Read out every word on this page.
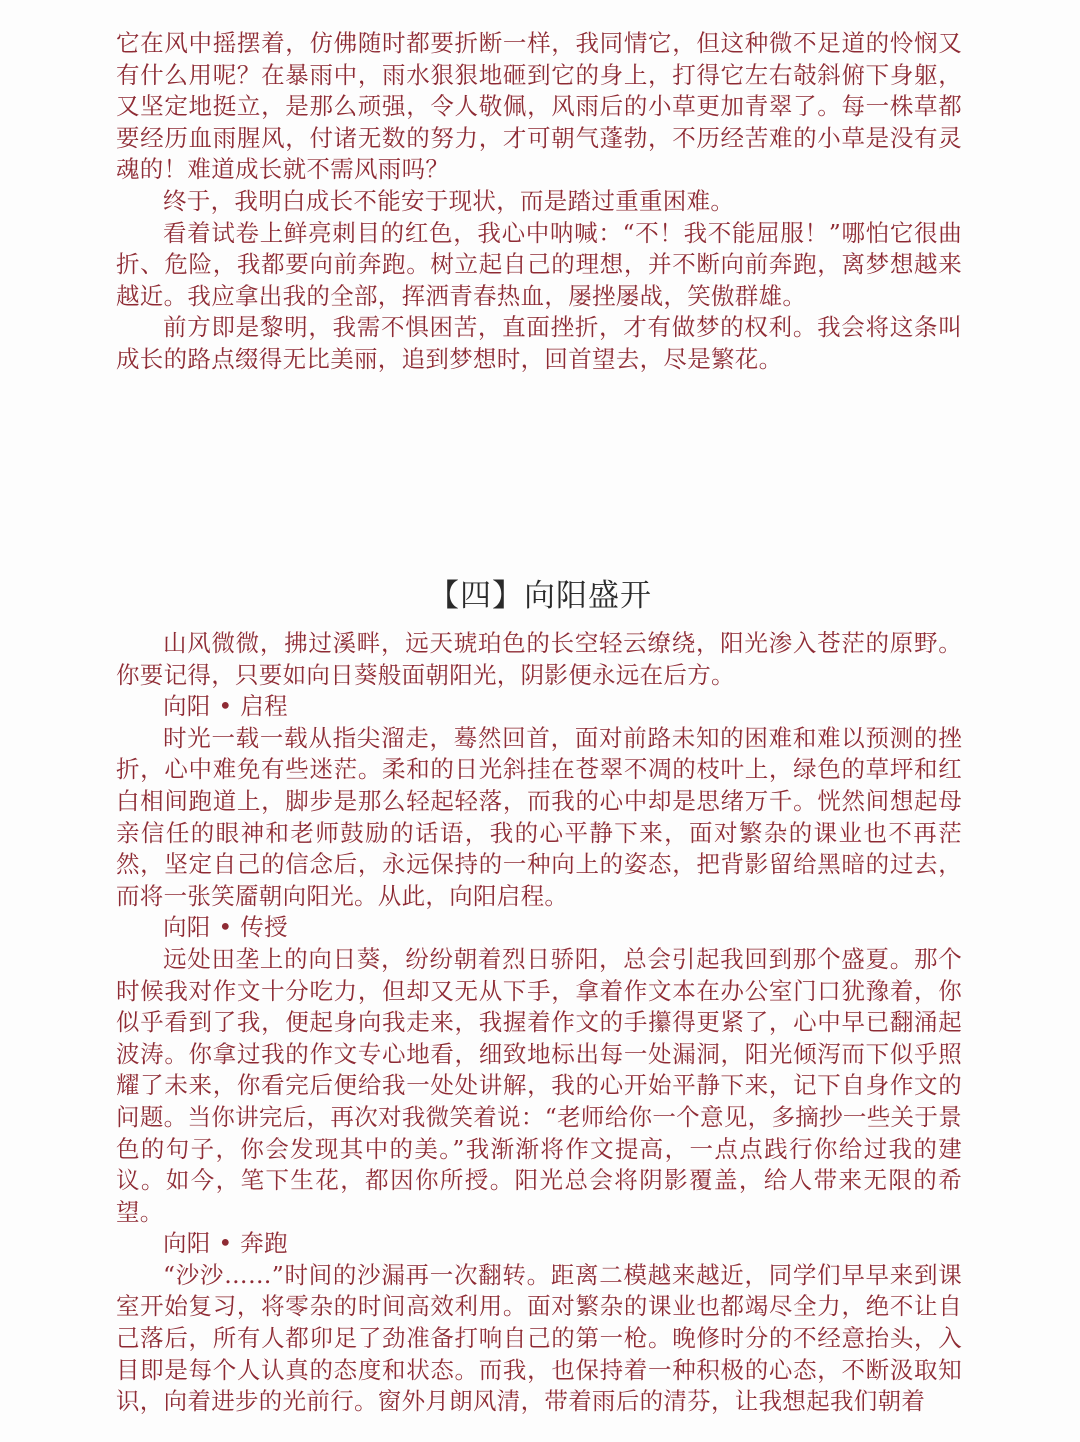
它在风中摇摆着，仿佛随时都要折断一样，我同情它，但这种微不足道的怜悯又有什么用呢？在暴雨中，雨水狠狠地砸到它的身上，打得它左右攲斜俯下身躯，又坚定地挺立，是那么顽强，令人敬佩，风雨后的小草更加青翠了。每一株草都要经历血雨腥风，付诸无数的努力，才可朝气蓬勃，不历经苦难的小草是没有灵魂的！难道成长就不需风雨吗？

终于，我明白成长不能安于现状，而是踏过重重困难。

看着试卷上鲜亮刺目的红色，我心中呐喊：“不！我不能屈服！”哪怕它很曲折、危险，我都要向前奔跑。树立起自己的理想，并不断向前奔跑，离梦想越来越近。我应拿出我的全部，挥洒青春热血，屡挫屡战，笑傲群雄。

前方即是黎明，我需不惧困苦，直面挫折，才有做梦的权利。我会将这条叫成长的路点缀得无比美丽，追到梦想时，回首望去，尽是繁花。

【四】向阳盛开

山风微微，拂过溪畔，远天琥珀色的长空轻云缭绕，阳光渗入苍茫的原野。你要记得，只要如向日葵般面朝阳光，阴影便永远在后方。

向阳 • 启程

时光一载一载从指尖溜走，蓦然回首，面对前路未知的困难和难以预测的挫折，心中难免有些迷茫。柔和的日光斜挂在苍翠不凋的枝叶上，绿色的草坪和红白相间跑道上，脚步是那么轻起轻落，而我的心中却是思绪万千。恍然间想起母亲信任的眼神和老师鼓励的话语，我的心平静下来，面对繁杂的课业也不再茫然，坚定自己的信念后，永远保持的一种向上的姿态，把背影留给黑暗的过去，而将一张笑靥朝向阳光。从此，向阳启程。

向阳 • 传授

远处田垄上的向日葵，纷纷朝着烈日骄阳，总会引起我回到那个盛夏。那个时候我对作文十分吃力，但却又无从下手，拿着作文本在办公室门口犹豫着，你似乎看到了我，便起身向我走来，我握着作文的手攥得更紧了，心中早已翻涌起波涛。你拿过我的作文专心地看，细致地标出每一处漏洞，阳光倾泻而下似乎照耀了未来，你看完后便给我一处处讲解，我的心开始平静下来，记下自身作文的问题。当你讲完后，再次对我微笑着说：“老师给你一个意见，多摘抄一些关于景色的句子，你会发现其中的美。”我渐渐将作文提高，一点点践行你给过我的建议。如今，笔下生花，都因你所授。阳光总会将阴影覆盖，给人带来无限的希望。

向阳 • 奔跑

“沙沙……”时间的沙漏再一次翻转。距离二模越来越近，同学们早早来到课室开始复习，将零杂的时间高效利用。面对繁杂的课业也都竭尽全力，绝不让自己落后，所有人都卯足了劲准备打响自己的第一枪。晚修时分的不经意抬头，入目即是每个人认真的态度和状态。而我，也保持着一种积极的心态，不断汲取知识，向着进步的光前行。窗外月朗风清，带着雨后的清芬，让我想起我们朝着
